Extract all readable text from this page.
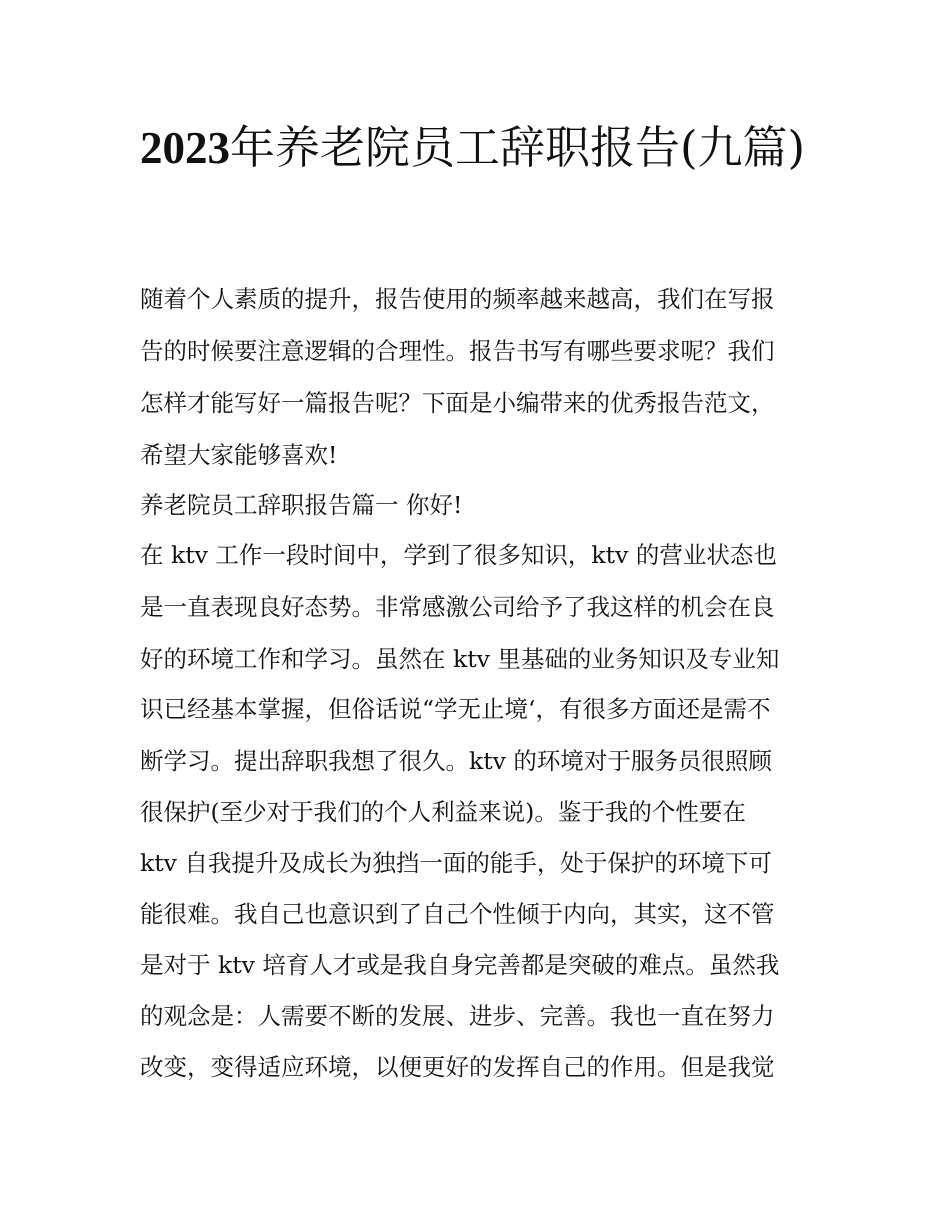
2023年养老院员工辞职报告(九篇)

随着个人素质的提升，报告使用的频率越来越高，我们在写报

告的时候要注意逻辑的合理性。报告书写有哪些要求呢？我们

怎样才能写好一篇报告呢？下面是小编带来的优秀报告范文，

希望大家能够喜欢!

养老院员工辞职报告篇一 你好!

在 ktv 工作一段时间中，学到了很多知识，ktv 的营业状态也

是一直表现良好态势。非常感激公司给予了我这样的机会在良

好的环境工作和学习。虽然在 ktv 里基础的业务知识及专业知

识已经基本掌握，但俗话说“学无止境‘，有很多方面还是需不

断学习。提出辞职我想了很久。ktv 的环境对于服务员很照顾

很保护(至少对于我们的个人利益来说)。鉴于我的个性要在

ktv 自我提升及成长为独挡一面的能手，处于保护的环境下可

能很难。我自己也意识到了自己个性倾于内向，其实，这不管

是对于 ktv 培育人才或是我自身完善都是突破的难点。虽然我

的观念是：人需要不断的发展、进步、完善。我也一直在努力

改变，变得适应环境，以便更好的发挥自己的作用。但是我觉
